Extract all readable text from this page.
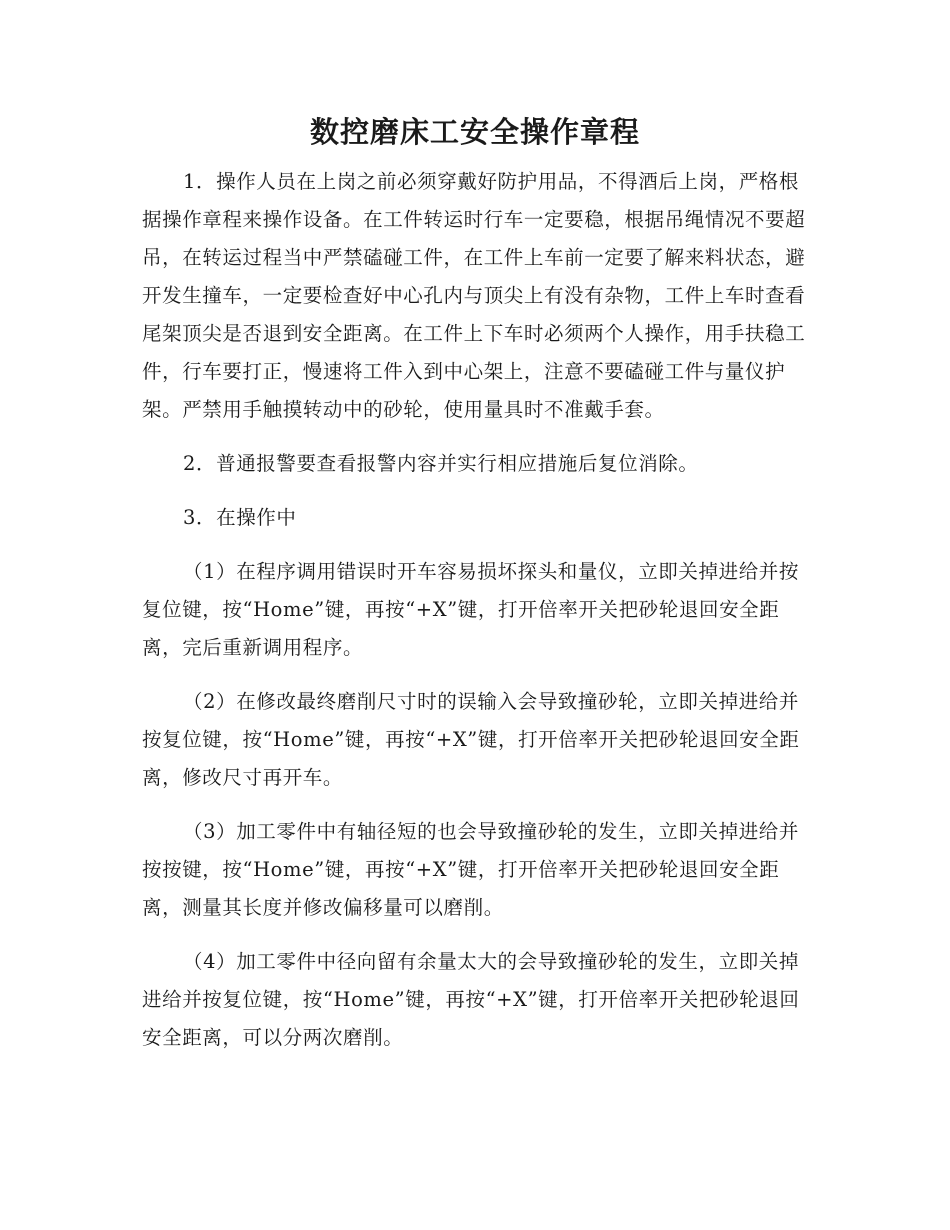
数控磨床工安全操作章程

1．操作人员在上岗之前必须穿戴好防护用品，不得酒后上岗，严格根据操作章程来操作设备。在工件转运时行车一定要稳，根据吊绳情况不要超吊，在转运过程当中严禁磕碰工件，在工件上车前一定要了解来料状态，避开发生撞车，一定要检查好中心孔内与顶尖上有没有杂物，工件上车时查看尾架顶尖是否退到安全距离。在工件上下车时必须两个人操作，用手扶稳工件，行车要打正，慢速将工件入到中心架上，注意不要磕碰工件与量仪护架。严禁用手触摸转动中的砂轮，使用量具时不准戴手套。

2．普通报警要查看报警内容并实行相应措施后复位消除。

3．在操作中

（1）在程序调用错误时开车容易损坏探头和量仪，立即关掉进给并按复位键，按“Home”键，再按“+X”键，打开倍率开关把砂轮退回安全距离，完后重新调用程序。

（2）在修改最终磨削尺寸时的误输入会导致撞砂轮，立即关掉进给并按复位键，按“Home”键，再按“+X”键，打开倍率开关把砂轮退回安全距离，修改尺寸再开车。

（3）加工零件中有轴径短的也会导致撞砂轮的发生，立即关掉进给并按按键，按“Home”键，再按“+X”键，打开倍率开关把砂轮退回安全距离，测量其长度并修改偏移量可以磨削。

（4）加工零件中径向留有余量太大的会导致撞砂轮的发生，立即关掉进给并按复位键，按“Home”键，再按“+X”键，打开倍率开关把砂轮退回安全距离，可以分两次磨削。
